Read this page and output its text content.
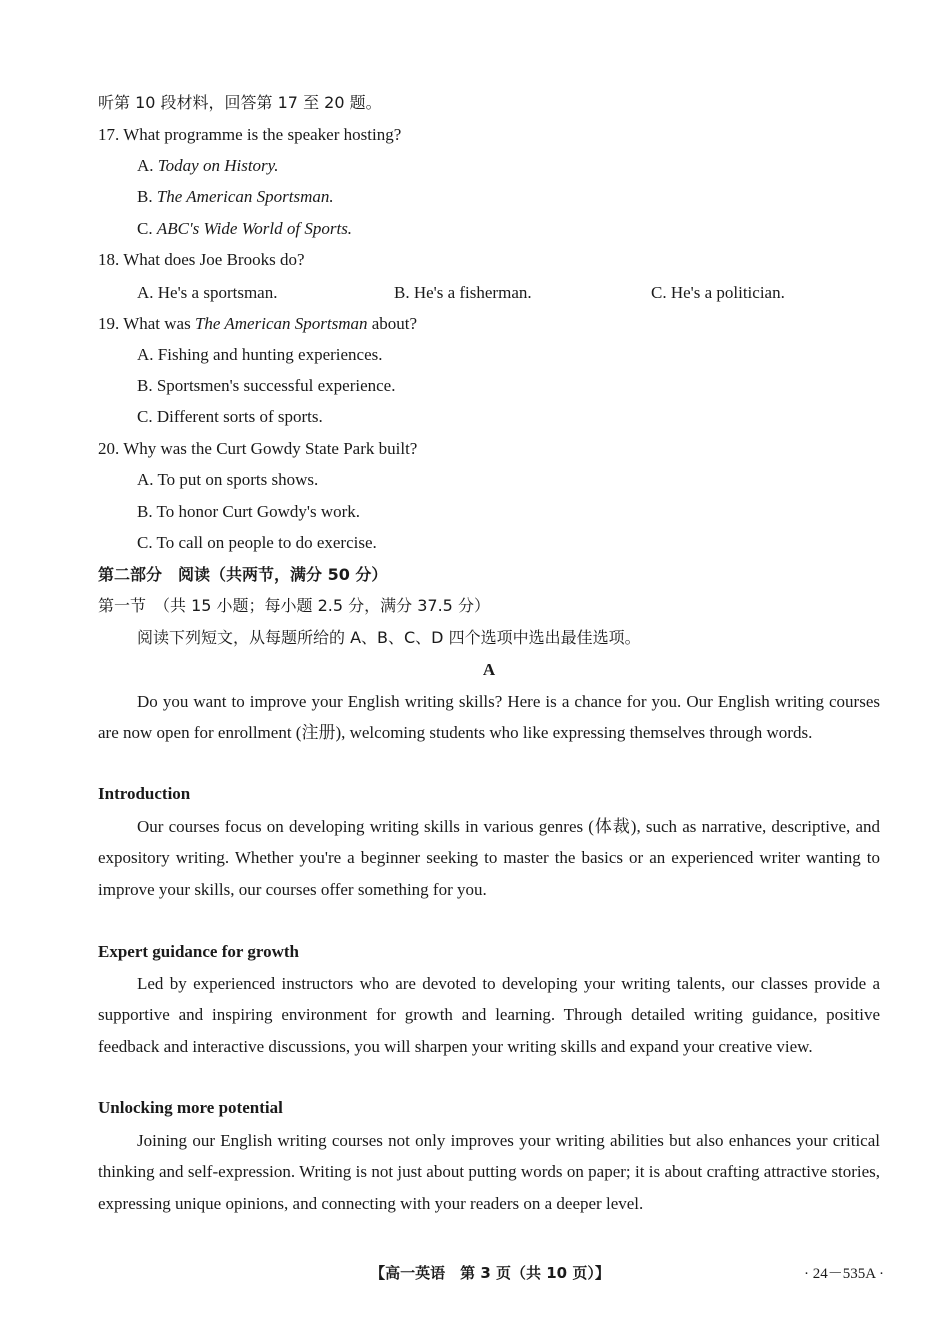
听第 10 段材料，回答第 17 至 20 题。
17. What programme is the speaker hosting?
A. Today on History.
B. The American Sportsman.
C. ABC's Wide World of Sports.
18. What does Joe Brooks do?
A. He's a sportsman.	B. He's a fisherman.	C. He's a politician.
19. What was The American Sportsman about?
A. Fishing and hunting experiences.
B. Sportsmen's successful experience.
C. Different sorts of sports.
20. Why was the Curt Gowdy State Park built?
A. To put on sports shows.
B. To honor Curt Gowdy's work.
C. To call on people to do exercise.
第二部分　阅读（共两节，满分 50 分）
第一节　（共 15 小题；每小题 2.5 分，满分 37.5 分）
阅读下列短文，从每题所给的 A、B、C、D 四个选项中选出最佳选项。
A
Do you want to improve your English writing skills? Here is a chance for you. Our English writing courses are now open for enrollment (注册), welcoming students who like expressing themselves through words.
Introduction
Our courses focus on developing writing skills in various genres (体裁), such as narrative, descriptive, and expository writing. Whether you're a beginner seeking to master the basics or an experienced writer wanting to improve your skills, our courses offer something for you.
Expert guidance for growth
Led by experienced instructors who are devoted to developing your writing talents, our classes provide a supportive and inspiring environment for growth and learning. Through detailed writing guidance, positive feedback and interactive discussions, you will sharpen your writing skills and expand your creative view.
Unlocking more potential
Joining our English writing courses not only improves your writing abilities but also enhances your critical thinking and self-expression. Writing is not just about putting words on paper; it is about crafting attractive stories, expressing unique opinions, and connecting with your readers on a deeper level.
【高一英语　第 3 页（共 10 页）】	· 24－535A ·
